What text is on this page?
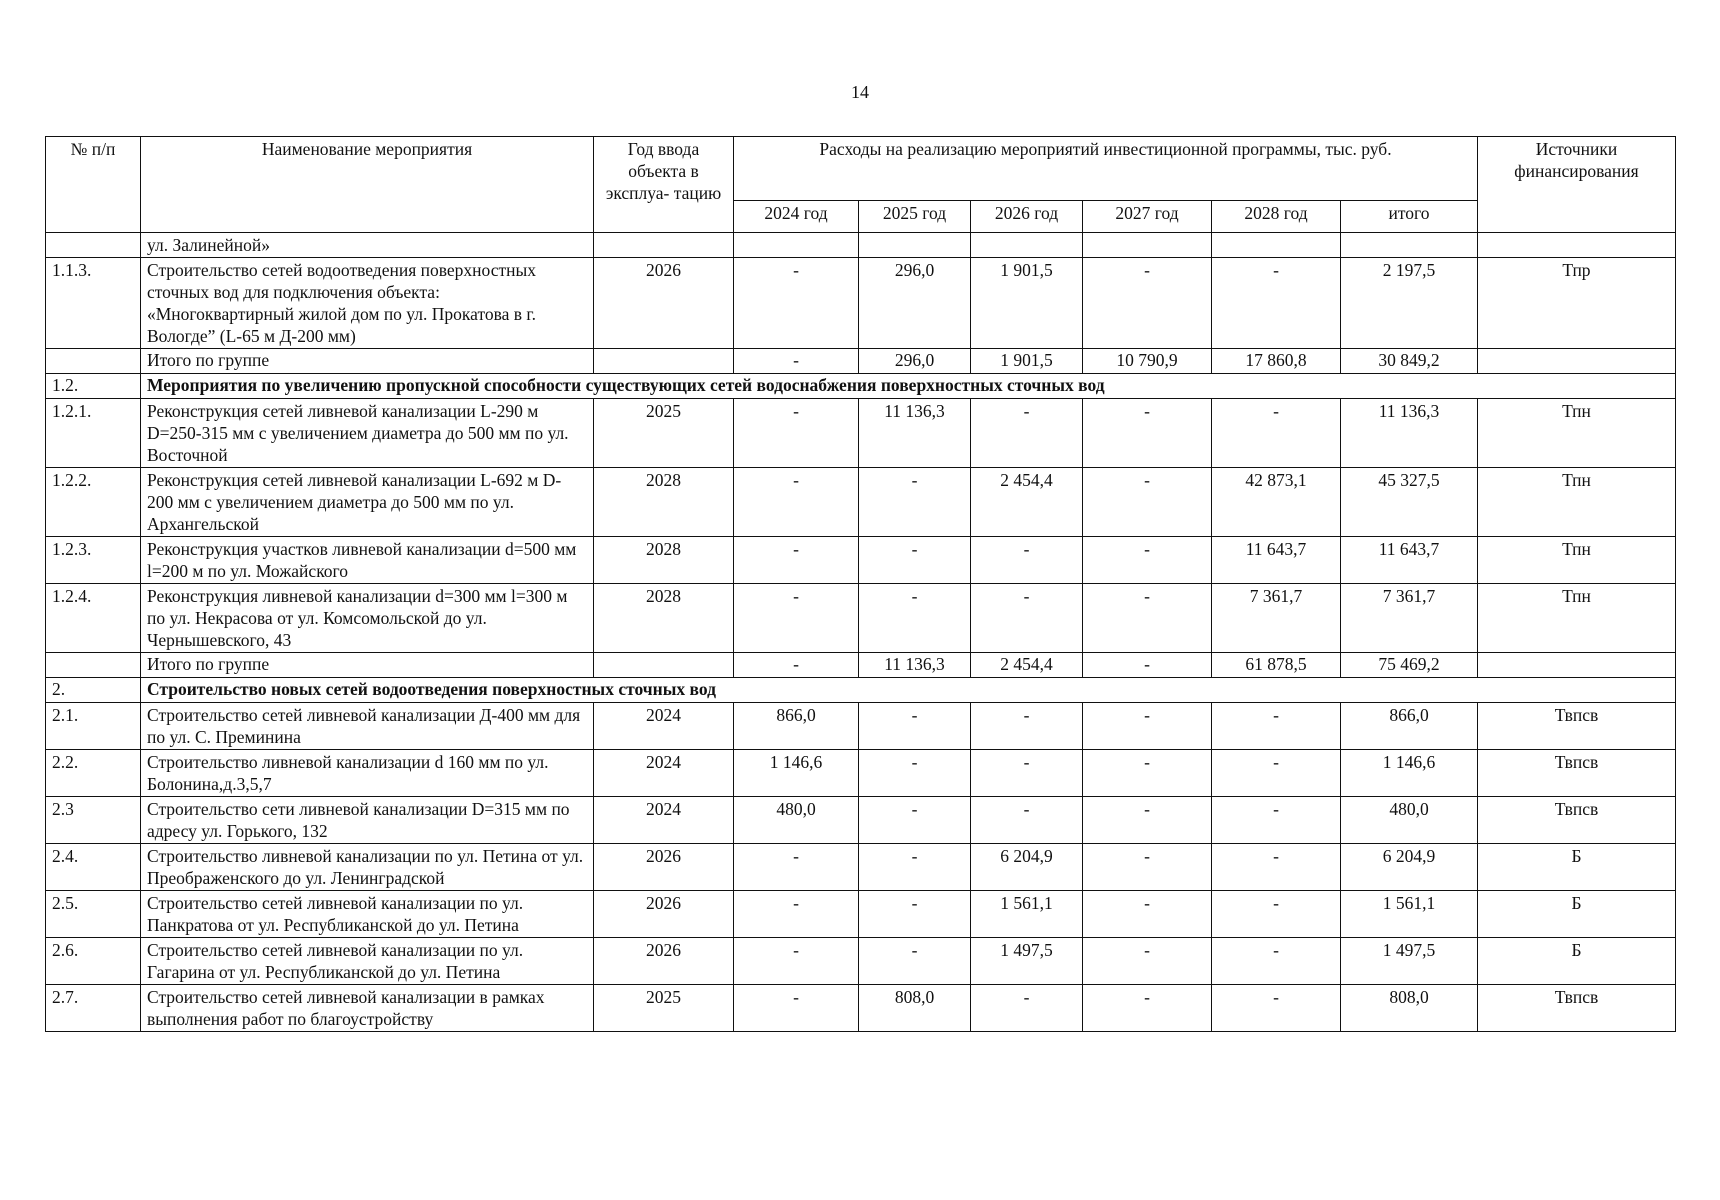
14
№ п/п	Наименование мероприятия	Год ввода объекта в эксплуа- тацию	Расходы на реализацию мероприятий инвестиционной программы, тыс. руб.						Источники финансирования
			2024 год	2025 год	2026 год	2027 год	2028 год	итого	
	ул. Залинейной»								
1.1.3.	Строительство сетей водоотведения поверхностных сточных вод для подключения объекта: «Многоквартирный жилой дом по ул. Прокатова в г. Вологде” (L-65 м Д-200 мм)	2026	-	296,0	1 901,5	-	-	2 197,5	Тпр
	Итого по группе		-	296,0	1 901,5	10 790,9	17 860,8	30 849,2	
1.2.	Мероприятия по увеличению пропускной способности существующих сетей водоснабжения поверхностных сточных вод								
1.2.1.	Реконструкция сетей ливневой канализации L-290 м D=250-315 мм с увеличением диаметра до 500 мм по ул. Восточной	2025	-	11 136,3	-	-	-	11 136,3	Тпн
1.2.2.	Реконструкция сетей ливневой канализации L-692 м D-200 мм с увеличением диаметра до 500 мм по ул. Архангельской	2028	-	-	2 454,4	-	42 873,1	45 327,5	Тпн
1.2.3.	Реконструкция участков ливневой канализации d=500 мм l=200 м по ул. Можайского	2028	-	-	-	-	11 643,7	11 643,7	Тпн
1.2.4.	Реконструкция ливневой канализации d=300 мм l=300 м по ул. Некрасова от ул. Комсомольской до ул. Чернышевского, 43	2028	-	-	-	-	7 361,7	7 361,7	Тпн
	Итого по группе		-	11 136,3	2 454,4	-	61 878,5	75 469,2	
2.	Строительство новых сетей водоотведения поверхностных сточных вод								
2.1.	Строительство сетей ливневой канализации Д-400 мм для по ул. С. Преминина	2024	866,0	-	-	-	-	866,0	Твпсв
2.2.	Строительство ливневой канализации d 160 мм по ул. Болонина,д.3,5,7	2024	1 146,6	-	-	-	-	1 146,6	Твпсв
2.3	Строительство сети ливневой канализации D=315 мм по адресу ул. Горького, 132	2024	480,0	-	-	-	-	480,0	Твпсв
2.4.	Строительство ливневой канализации по ул. Петина от ул. Преображенского до ул. Ленинградской	2026	-	-	6 204,9	-	-	6 204,9	Б
2.5.	Строительство сетей ливневой канализации по ул. Панкратова от ул. Республиканской до ул. Петина	2026	-	-	1 561,1	-	-	1 561,1	Б
2.6.	Строительство сетей ливневой канализации по ул. Гагарина от ул. Республиканской до ул. Петина	2026	-	-	1 497,5	-	-	1 497,5	Б
2.7.	Строительство сетей ливневой канализации в рамках выполнения работ по благоустройству	2025	-	808,0	-	-	-	808,0	Твпсв
